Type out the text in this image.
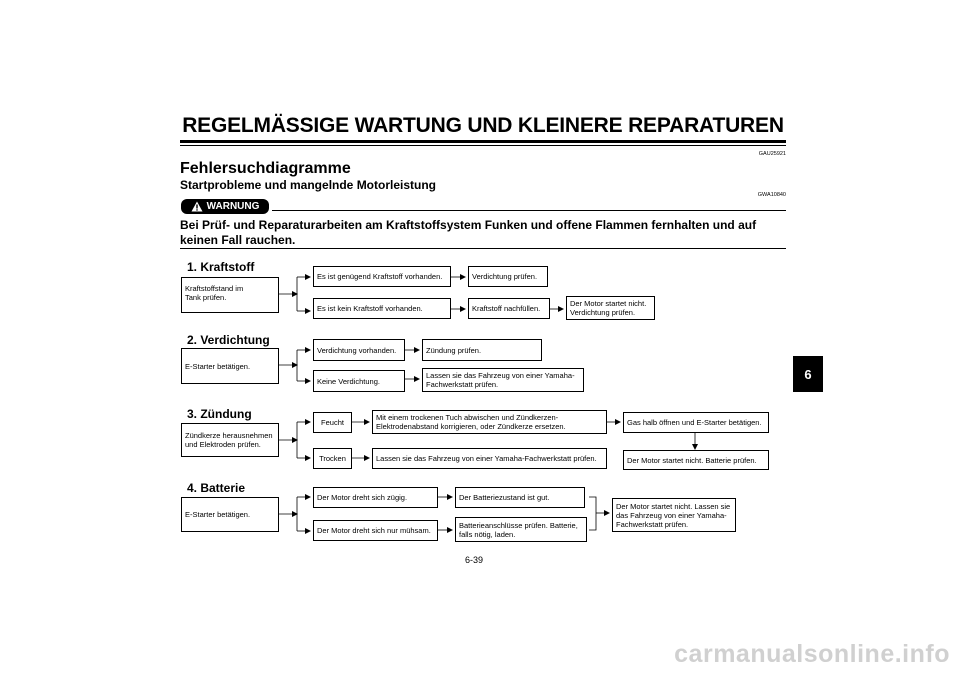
REGELMÄSSIGE WARTUNG UND KLEINERE REPARATUREN
GAU25921
Fehlersuchdiagramme
Startprobleme und mangelnde Motorleistung
GWA10840
WARNUNG
Bei Prüf- und Reparaturarbeiten am Kraftstoffsystem Funken und offene Flammen fernhalten und auf keinen Fall rauchen.
1. Kraftstoff
Kraftstoffstand im
Tank prüfen.
Es ist genügend Kraftstoff vorhanden.	Verdichtung prüfen.
Es ist kein Kraftstoff vorhanden.	Kraftstoff nachfüllen.
Der Motor startet nicht.
Verdichtung prüfen.
2. Verdichtung
E-Starter betätigen.
Verdichtung vorhanden.	Zündung prüfen.
Keine Verdichtung.
Lassen sie das Fahrzeug von einer Yamaha-
Fachwerkstatt prüfen.
3. Zündung
Zündkerze herausnehmen
und Elektroden prüfen.
Feucht
Mit einem trockenen Tuch abwischen und Zündkerzen-
Elektrodenabstand korrigieren, oder Zündkerze ersetzen.	Gas halb öffnen und E-Starter betätigen.
Trocken	Lassen sie das Fahrzeug von einer Yamaha-Fachwerkstatt prüfen.	Der Motor startet nicht. Batterie prüfen.
4. Batterie
E-Starter betätigen.
Der Motor dreht sich zügig.	Der Batteriezustand ist gut.
Der Motor dreht sich nur mühsam.
Batterieanschlüsse prüfen. Batterie,
falls nötig, laden.
Der Motor startet nicht. Lassen sie
das Fahrzeug von einer Yamaha-
Fachwerkstatt prüfen.
6
6-39
carmanualsonline.info
